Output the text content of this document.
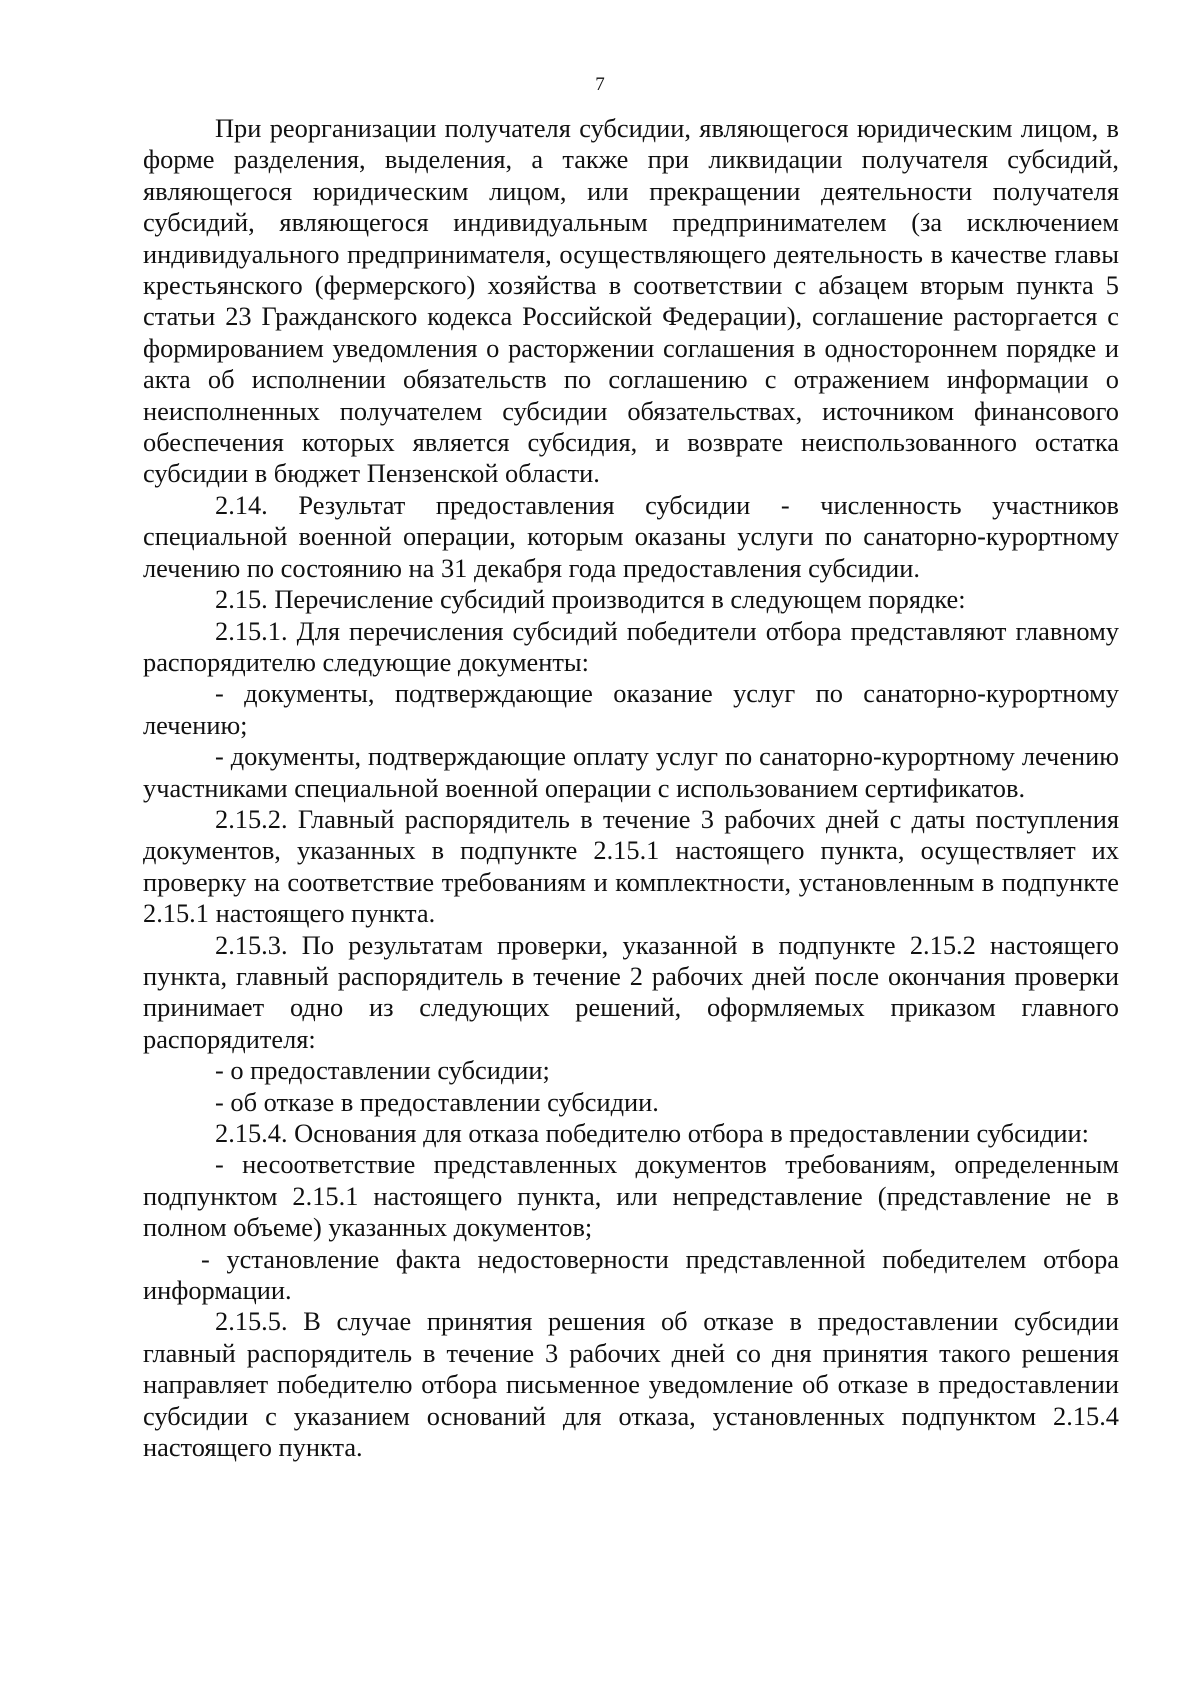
7

При реорганизации получателя субсидии, являющегося юридическим лицом, в форме разделения, выделения, а также при ликвидации получателя субсидий, являющегося юридическим лицом, или прекращении деятельности получателя субсидий, являющегося индивидуальным предпринимателем (за исключением индивидуального предпринимателя, осуществляющего деятельность в качестве главы крестьянского (фермерского) хозяйства в соответствии с абзацем вторым пункта 5 статьи 23 Гражданского кодекса Российской Федерации), соглашение расторгается с формированием уведомления о расторжении соглашения в одностороннем порядке и акта об исполнении обязательств по соглашению с отражением информации о неисполненных получателем субсидии обязательствах, источником финансового обеспечения которых является субсидия, и возврате неиспользованного остатка субсидии в бюджет Пензенской области.

2.14. Результат предоставления субсидии - численность участников специальной военной операции, которым оказаны услуги по санаторно-курортному лечению по состоянию на 31 декабря года предоставления субсидии.

2.15. Перечисление субсидий производится в следующем порядке:

2.15.1. Для перечисления субсидий победители отбора представляют главному распорядителю следующие документы:

- документы, подтверждающие оказание услуг по санаторно-курортному лечению;

- документы, подтверждающие оплату услуг по санаторно-курортному лечению участниками специальной военной операции с использованием сертификатов.

2.15.2. Главный распорядитель в течение 3 рабочих дней с даты поступления документов, указанных в подпункте 2.15.1 настоящего пункта, осуществляет их проверку на соответствие требованиям и комплектности, установленным в подпункте 2.15.1 настоящего пункта.

2.15.3. По результатам проверки, указанной в подпункте 2.15.2 настоящего пункта, главный распорядитель в течение 2 рабочих дней после окончания проверки принимает одно из следующих решений, оформляемых приказом главного распорядителя:

- о предоставлении субсидии;

- об отказе в предоставлении субсидии.

2.15.4. Основания для отказа победителю отбора в предоставлении субсидии:

- несоответствие представленных документов требованиям, определенным подпунктом 2.15.1 настоящего пункта, или непредставление (представление не в полном объеме) указанных документов;

- установление факта недостоверности представленной победителем отбора информации.

2.15.5. В случае принятия решения об отказе в предоставлении субсидии главный распорядитель в течение 3 рабочих дней со дня принятия такого решения направляет победителю отбора письменное уведомление об отказе в предоставлении субсидии с указанием оснований для отказа, установленных подпунктом 2.15.4 настоящего пункта.
